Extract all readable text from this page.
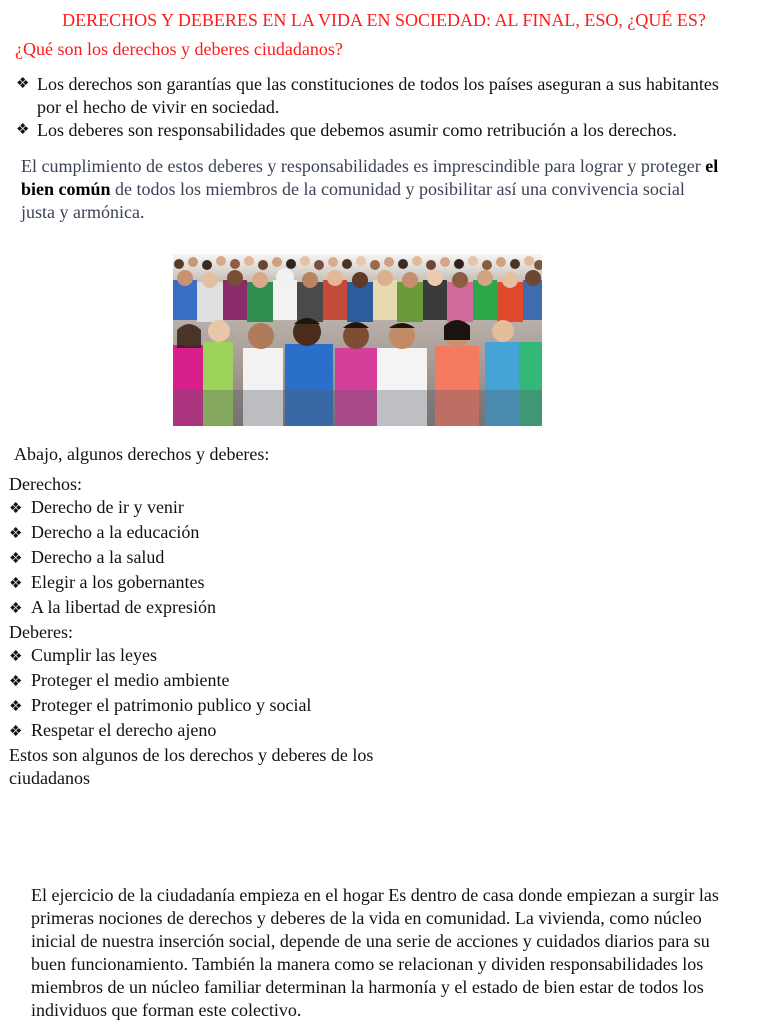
DERECHOS Y DEBERES EN LA VIDA EN SOCIEDAD: AL FINAL, ESO, ¿QUÉ ES?
¿Qué son los derechos y deberes ciudadanos?
❖ Los derechos son garantías que las constituciones de todos los países aseguran a sus habitantes por el hecho de vivir en sociedad.
❖ Los deberes son responsabilidades que debemos asumir como retribución a los derechos.
El cumplimiento de estos deberes y responsabilidades es imprescindible para lograr y proteger el bien común de todos los miembros de la comunidad y posibilitar así una convivencia social justa y armónica.
Abajo, algunos derechos y deberes:
Derechos:
❖ Derecho de ir y venir
❖ Derecho a la educación
❖ Derecho a la salud
❖ Elegir a los gobernantes
❖ A la libertad de expresión
Deberes:
❖ Cumplir las leyes
❖ Proteger el medio ambiente
❖ Proteger el patrimonio publico y social
❖ Respetar el derecho ajeno
Estos son algunos de los derechos y deberes de los ciudadanos
El ejercicio de la ciudadanía empieza en el hogar Es dentro de casa donde empiezan a surgir las primeras nociones de derechos y deberes de la vida en comunidad. La vivienda, como núcleo inicial de nuestra inserción social, depende de una serie de acciones y cuidados diarios para su buen funcionamiento. También la manera como se relacionan y dividen responsabilidades los miembros de un núcleo familiar determinan la harmonía y el estado de bien estar de todos los individuos que forman este colectivo.
